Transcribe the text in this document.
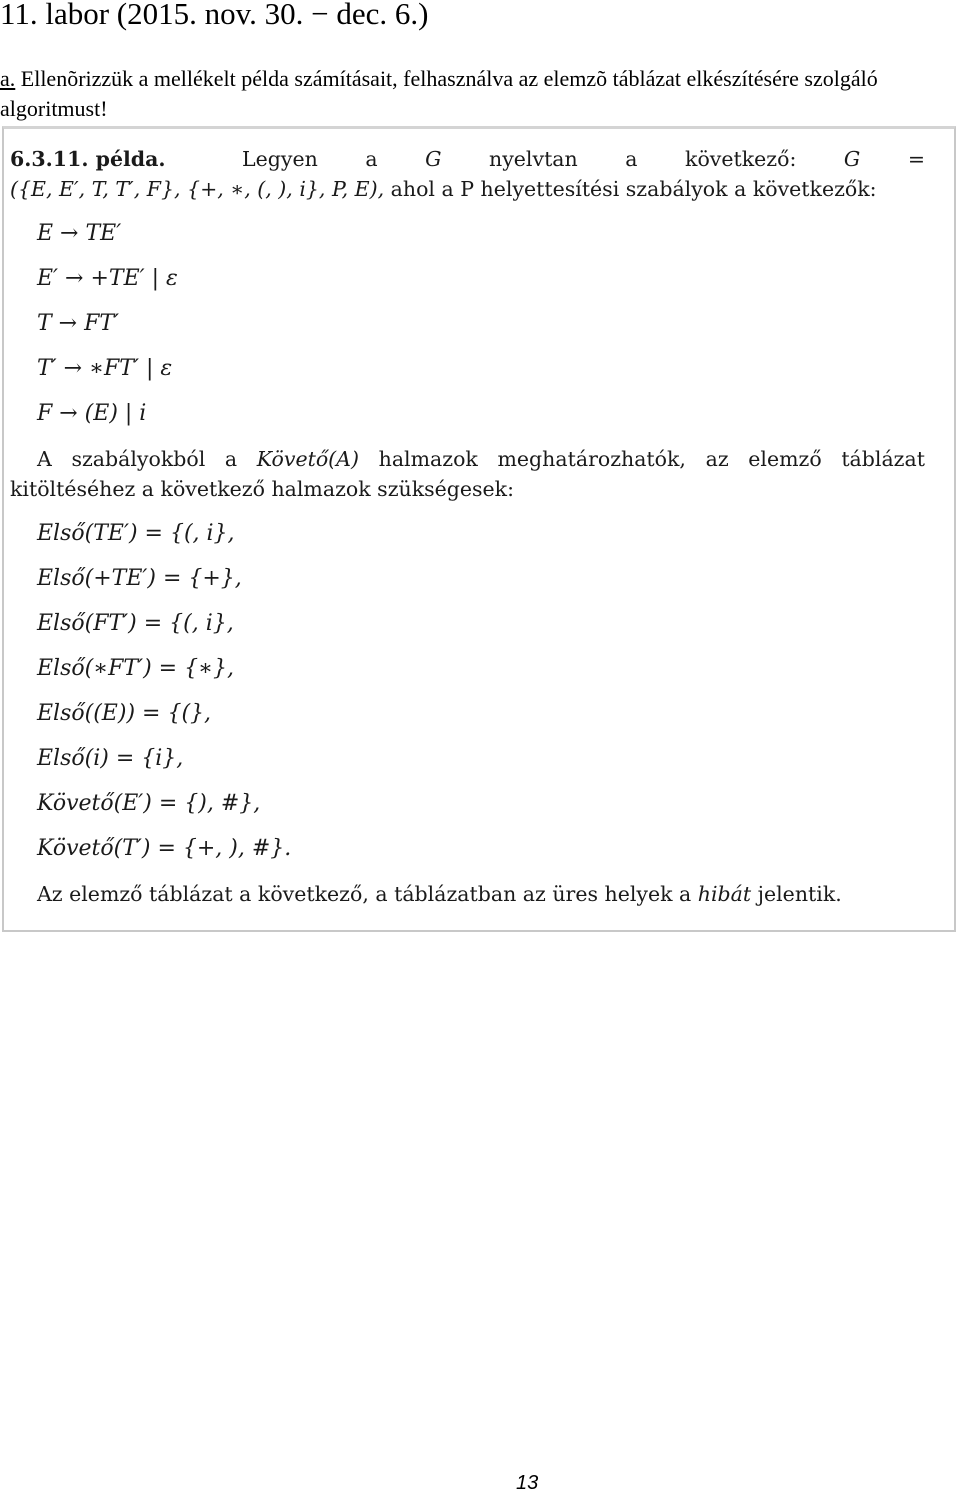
11. labor (2015. nov. 30. − dec. 6.)
a. Ellenõrizzük a mellékelt példa számításait, felhasználva az elemzõ táblázat elkészítésére szolgáló algoritmust!
6.3.11. példa.	Legyen a G nyelvtan a következő: G =
({E, E′, T, T′, F}, {+, ∗, (, ), i}, P, E), ahol a P helyettesítési szabályok a következők:
E → TE′
E′ → +TE′ | ε
T → FT′
T′ → ∗FT′ | ε
F → (E) | i
A szabályokból a Követő(A) halmazok meghatározhatók, az elemző táblázat
kitöltéséhez a következő halmazok szükségesek:
Első(TE′) = {(, i},
Első(+TE′) = {+},
Első(FT′) = {(, i},
Első(∗FT′) = {∗},
Első((E)) = {(},
Első(i) = {i},
Követő(E′) = {), #},
Követő(T′) = {+, ), #}.
Az elemző táblázat a következő, a táblázatban az üres helyek a hibát jelentik.
13
